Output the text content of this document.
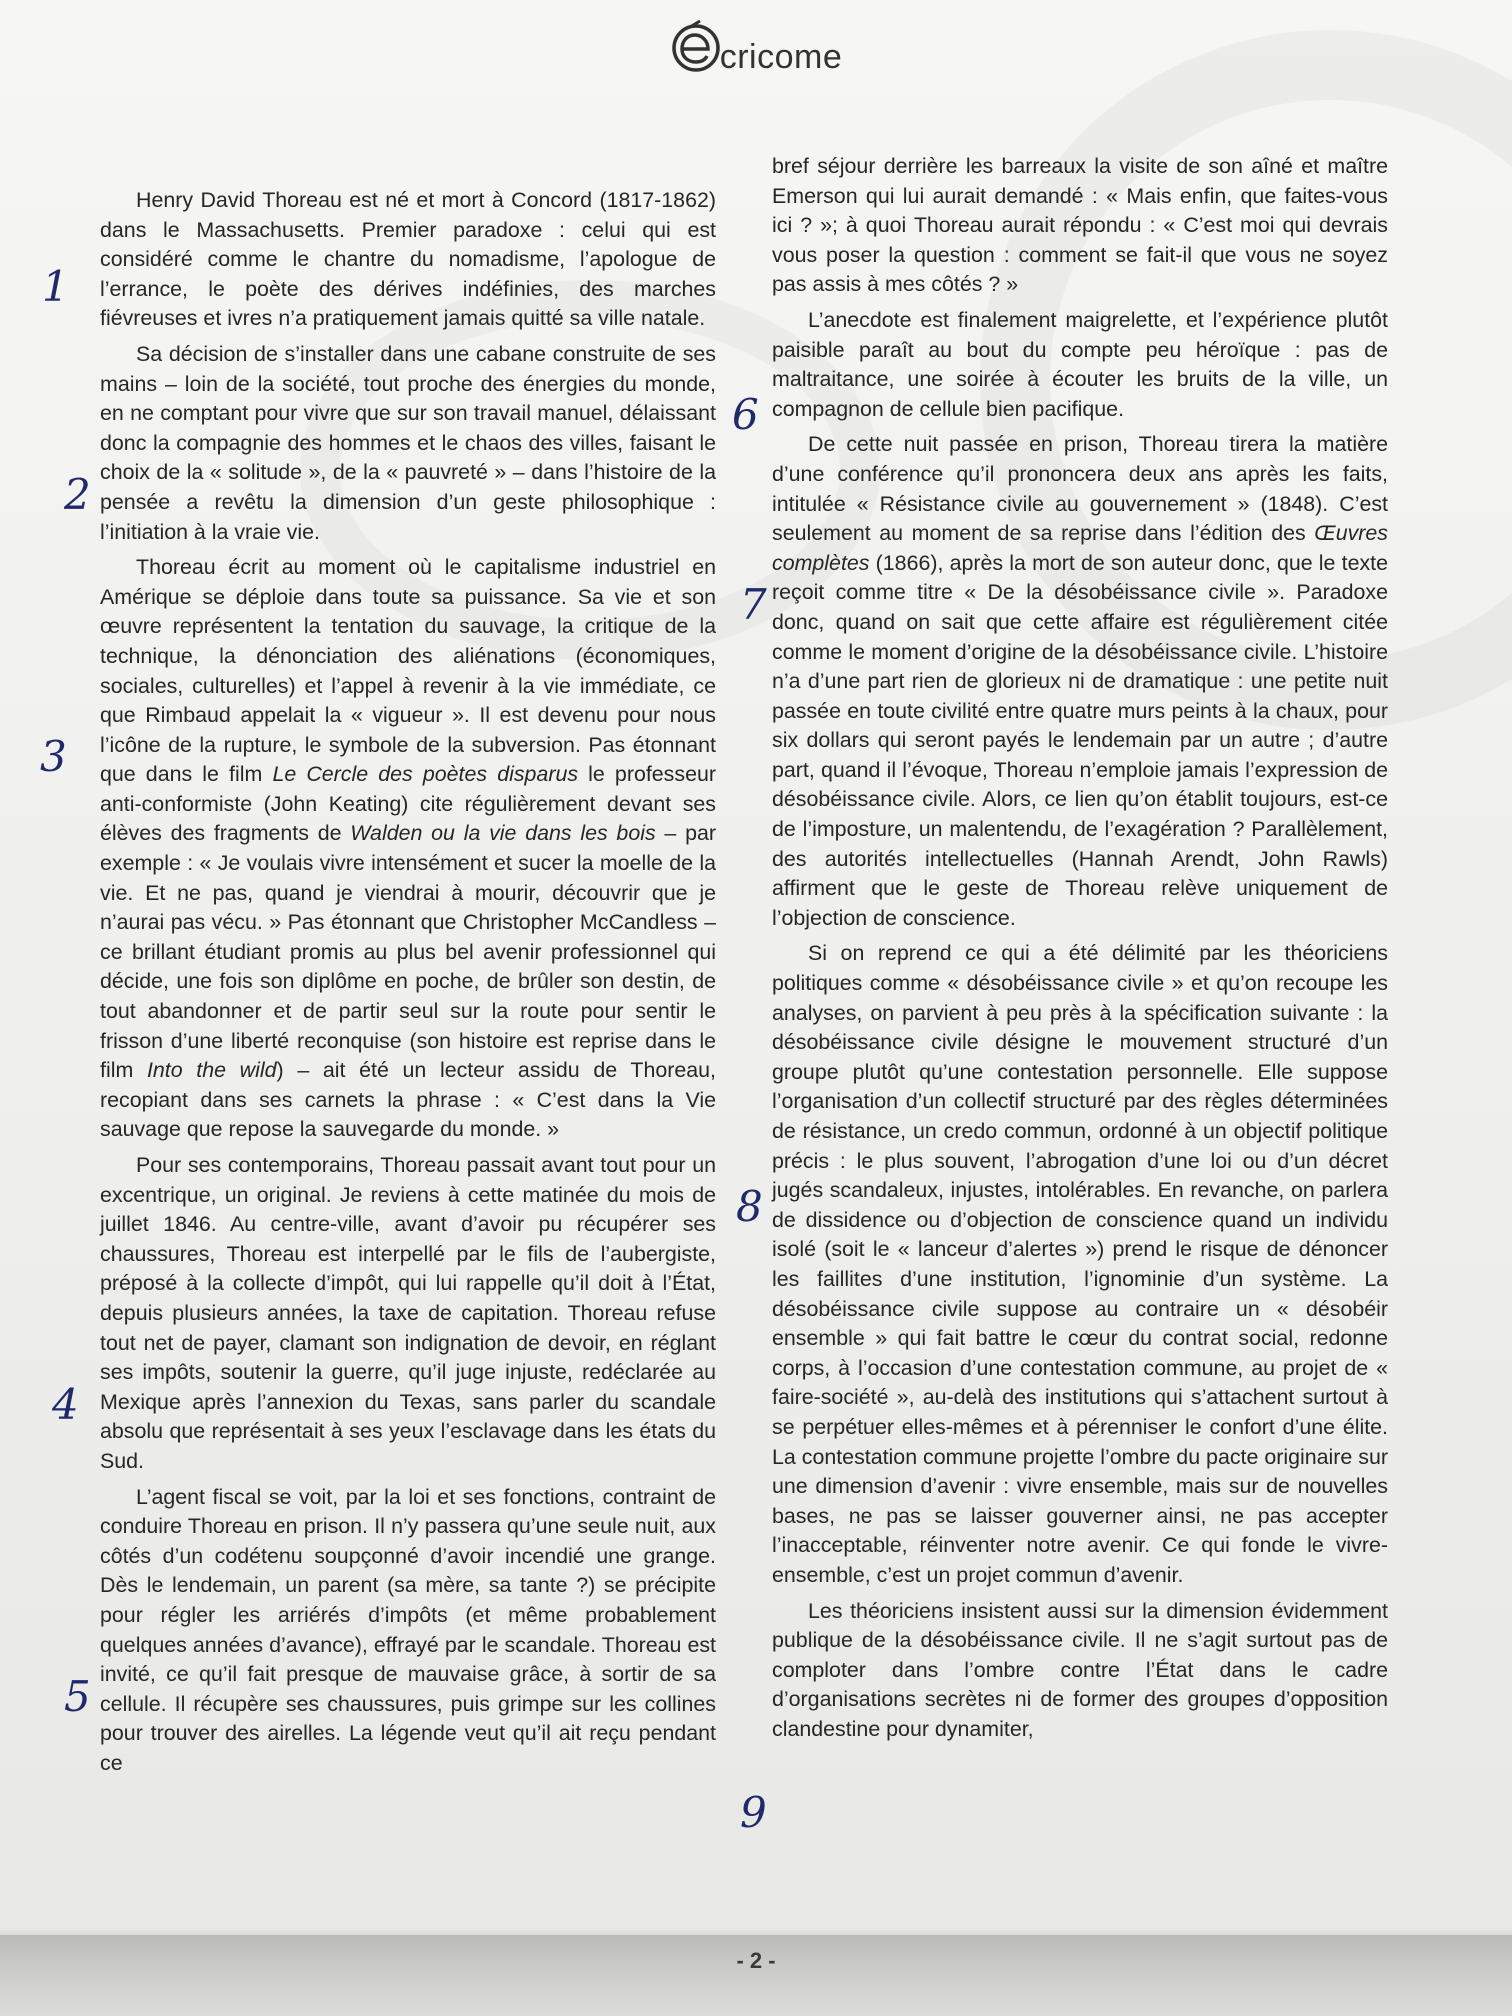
cricome

Henry David Thoreau est né et mort à Concord (1817-1862) dans le Massachusetts. Premier paradoxe : celui qui est considéré comme le chantre du nomadisme, l’apologue de l’errance, le poète des dérives indéfinies, des marches fiévreuses et ivres n’a pratiquement jamais quitté sa ville natale.

Sa décision de s’installer dans une cabane construite de ses mains – loin de la société, tout proche des énergies du monde, en ne comptant pour vivre que sur son travail manuel, délaissant donc la compagnie des hommes et le chaos des villes, faisant le choix de la « solitude », de la « pauvreté » – dans l’histoire de la pensée a revêtu la dimension d’un geste philosophique : l’initiation à la vraie vie.

Thoreau écrit au moment où le capitalisme industriel en Amérique se déploie dans toute sa puissance. Sa vie et son œuvre représentent la tentation du sauvage, la critique de la technique, la dénonciation des aliénations (économiques, sociales, culturelles) et l’appel à revenir à la vie immédiate, ce que Rimbaud appelait la « vigueur ». Il est devenu pour nous l’icône de la rupture, le symbole de la subversion. Pas étonnant que dans le film Le Cercle des poètes disparus le professeur anti-conformiste (John Keating) cite régulièrement devant ses élèves des fragments de Walden ou la vie dans les bois – par exemple : « Je voulais vivre intensément et sucer la moelle de la vie. Et ne pas, quand je viendrai à mourir, découvrir que je n’aurai pas vécu. » Pas étonnant que Christopher McCandless – ce brillant étudiant promis au plus bel avenir professionnel qui décide, une fois son diplôme en poche, de brûler son destin, de tout abandonner et de partir seul sur la route pour sentir le frisson d’une liberté reconquise (son histoire est reprise dans le film Into the wild) – ait été un lecteur assidu de Thoreau, recopiant dans ses carnets la phrase : « C’est dans la Vie sauvage que repose la sauvegarde du monde. »

Pour ses contemporains, Thoreau passait avant tout pour un excentrique, un original. Je reviens à cette matinée du mois de juillet 1846. Au centre-ville, avant d’avoir pu récupérer ses chaussures, Thoreau est interpellé par le fils de l’aubergiste, préposé à la collecte d’impôt, qui lui rappelle qu’il doit à l’État, depuis plusieurs années, la taxe de capitation. Thoreau refuse tout net de payer, clamant son indignation de devoir, en réglant ses impôts, soutenir la guerre, qu’il juge injuste, redéclarée au Mexique après l’annexion du Texas, sans parler du scandale absolu que représentait à ses yeux l’esclavage dans les états du Sud.

L’agent fiscal se voit, par la loi et ses fonctions, contraint de conduire Thoreau en prison. Il n’y passera qu’une seule nuit, aux côtés d’un codétenu soupçonné d’avoir incendié une grange. Dès le lendemain, un parent (sa mère, sa tante ?) se précipite pour régler les arriérés d’impôts (et même probablement quelques années d’avance), effrayé par le scandale. Thoreau est invité, ce qu’il fait presque de mauvaise grâce, à sortir de sa cellule. Il récupère ses chaussures, puis grimpe sur les collines pour trouver des airelles. La légende veut qu’il ait reçu pendant ce

bref séjour derrière les barreaux la visite de son aîné et maître Emerson qui lui aurait demandé : « Mais enfin, que faites-vous ici ? »; à quoi Thoreau aurait répondu : « C’est moi qui devrais vous poser la question : comment se fait-il que vous ne soyez pas assis à mes côtés ? »

L’anecdote est finalement maigrelette, et l’expérience plutôt paisible paraît au bout du compte peu héroïque : pas de maltraitance, une soirée à écouter les bruits de la ville, un compagnon de cellule bien pacifique.

De cette nuit passée en prison, Thoreau tirera la matière d’une conférence qu’il prononcera deux ans après les faits, intitulée « Résistance civile au gouvernement » (1848). C’est seulement au moment de sa reprise dans l’édition des Œuvres complètes (1866), après la mort de son auteur donc, que le texte reçoit comme titre « De la désobéissance civile ». Paradoxe donc, quand on sait que cette affaire est régulièrement citée comme le moment d’origine de la désobéissance civile. L’histoire n’a d’une part rien de glorieux ni de dramatique : une petite nuit passée en toute civilité entre quatre murs peints à la chaux, pour six dollars qui seront payés le lendemain par un autre ; d’autre part, quand il l’évoque, Thoreau n’emploie jamais l’expression de désobéissance civile. Alors, ce lien qu’on établit toujours, est-ce de l’imposture, un malentendu, de l’exagération ? Parallèlement, des autorités intellectuelles (Hannah Arendt, John Rawls) affirment que le geste de Thoreau relève uniquement de l’objection de conscience.

Si on reprend ce qui a été délimité par les théoriciens politiques comme « désobéissance civile » et qu’on recoupe les analyses, on parvient à peu près à la spécification suivante : la désobéissance civile désigne le mouvement structuré d’un groupe plutôt qu’une contestation personnelle. Elle suppose l’organisation d’un collectif structuré par des règles déterminées de résistance, un credo commun, ordonné à un objectif politique précis : le plus souvent, l’abrogation d’une loi ou d’un décret jugés scandaleux, injustes, intolérables. En revanche, on parlera de dissidence ou d’objection de conscience quand un individu isolé (soit le « lanceur d’alertes ») prend le risque de dénoncer les faillites d’une institution, l’ignominie d’un système. La désobéissance civile suppose au contraire un « désobéir ensemble » qui fait battre le cœur du contrat social, redonne corps, à l’occasion d’une contestation commune, au projet de « faire-société », au-delà des institutions qui s’attachent surtout à se perpétuer elles-mêmes et à pérenniser le confort d’une élite. La contestation commune projette l’ombre du pacte originaire sur une dimension d’avenir : vivre ensemble, mais sur de nouvelles bases, ne pas se laisser gouverner ainsi, ne pas accepter l’inacceptable, réinventer notre avenir. Ce qui fonde le vivre-ensemble, c’est un projet commun d’avenir.

Les théoriciens insistent aussi sur la dimension évidemment publique de la désobéissance civile. Il ne s’agit surtout pas de comploter dans l’ombre contre l’État dans le cadre d’organisations secrètes ni de former des groupes d’opposition clandestine pour dynamiter,

1
2
3
4
5
6
7
8
9
- 2 -
